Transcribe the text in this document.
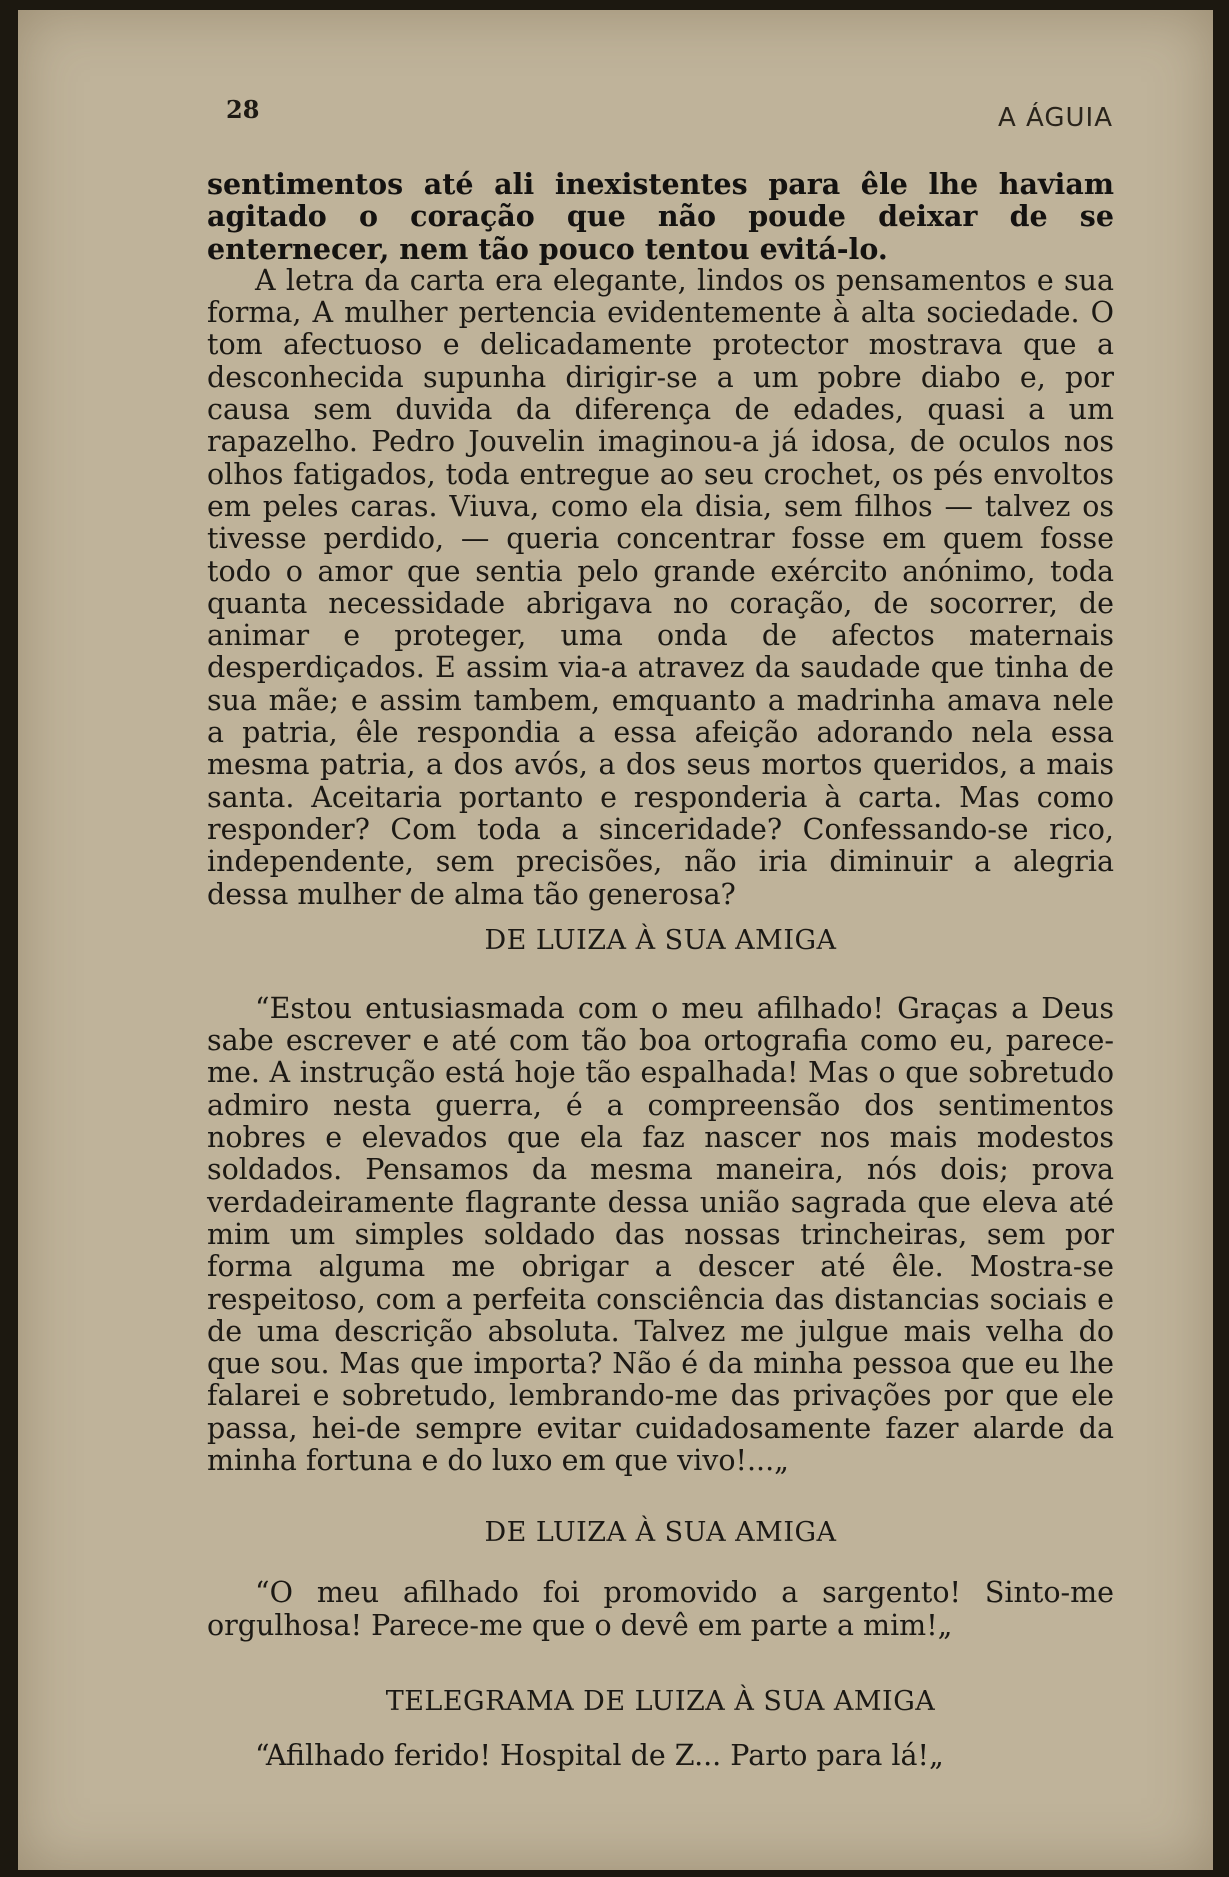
28	A ÁGUIA

sentimentos até ali inexistentes para êle lhe haviam agitado o coração que não poude deixar de se enternecer, nem tão pouco tentou evitá-lo.

A letra da carta era elegante, lindos os pensamentos e sua forma, A mulher pertencia evidentemente à alta sociedade. O tom afectuoso e delicadamente protector mostrava que a desconhecida supunha dirigir-se a um pobre diabo e, por causa sem duvida da diferença de edades, quasi a um rapazelho. Pedro Jouvelin imaginou-a já idosa, de oculos nos olhos fatigados, toda entregue ao seu crochet, os pés envoltos em peles caras. Viuva, como ela disia, sem filhos — talvez os tivesse perdido, — queria concentrar fosse em quem fosse todo o amor que sentia pelo grande exército anónimo, toda quanta necessidade abrigava no coração, de socorrer, de animar e proteger, uma onda de afectos maternais desperdiçados. E assim via-a atravez da saudade que tinha de sua mãe; e assim tambem, emquanto a madrinha amava nele a patria, êle respondia a essa afeição adorando nela essa mesma patria, a dos avós, a dos seus mortos queridos, a mais santa. Aceitaria portanto e responderia à carta. Mas como responder? Com toda a sinceridade? Confessando-se rico, independente, sem precisões, não iria diminuir a alegria dessa mulher de alma tão generosa?

DE LUIZA À SUA AMIGA

“Estou entusiasmada com o meu afilhado! Graças a Deus sabe escrever e até com tão boa ortografia como eu, parece-me. A instrução está hoje tão espalhada! Mas o que sobretudo admiro nesta guerra, é a compreensão dos sentimentos nobres e elevados que ela faz nascer nos mais modestos soldados. Pensamos da mesma maneira, nós dois; prova verdadeiramente flagrante dessa união sagrada que eleva até mim um simples soldado das nossas trincheiras, sem por forma alguma me obrigar a descer até êle. Mostra-se respeitoso, com a perfeita consciência das distancias sociais e de uma descrição absoluta. Talvez me julgue mais velha do que sou. Mas que importa? Não é da minha pessoa que eu lhe falarei e sobretudo, lembrando-me das privações por que ele passa, hei-de sempre evitar cuidadosamente fazer alarde da minha fortuna e do luxo em que vivo!...„

DE LUIZA À SUA AMIGA

“O meu afilhado foi promovido a sargento! Sinto-me orgulhosa! Parece-me que o devê em parte a mim!„

TELEGRAMA DE LUIZA À SUA AMIGA

“Afilhado ferido! Hospital de Z... Parto para lá!„
